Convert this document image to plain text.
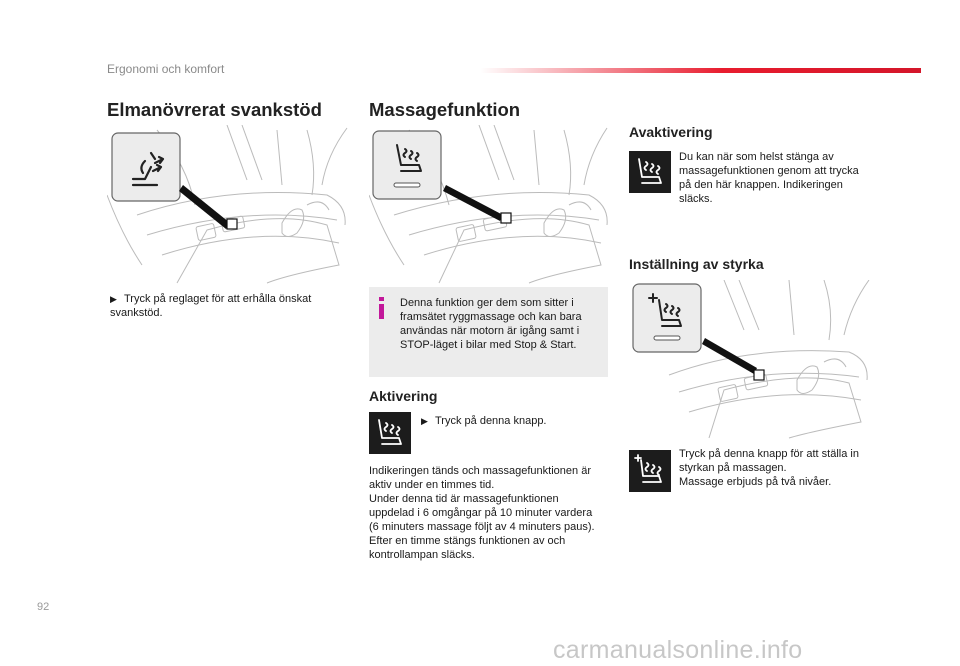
Ergonomi och komfort
Elmanövrerat svankstöd

▶ Tryck på reglaget för att erhålla önskat svankstöd.

Massagefunktion

Denna funktion ger dem som sitter i framsätet ryggmassage och kan bara användas när motorn är igång samt i STOP-läget i bilar med Stop & Start.

Aktivering

▶ Tryck på denna knapp.

Indikeringen tänds och massagefunktionen är

aktiv under en timmes tid.

Under denna tid är massagefunktionen

uppdelad i 6 omgångar på 10 minuter vardera

(6 minuters massage följt av 4 minuters paus).

Efter en timme stängs funktionen av och

kontrollampan släcks.

Avaktivering

Du kan när som helst stänga av

massagefunktionen genom att trycka

på den här knappen. Indikeringen

släcks.

Inställning av styrka

Tryck på denna knapp för att ställa in

styrkan på massagen.

Massage erbjuds på två nivåer.

92
carmanualsonline.info
